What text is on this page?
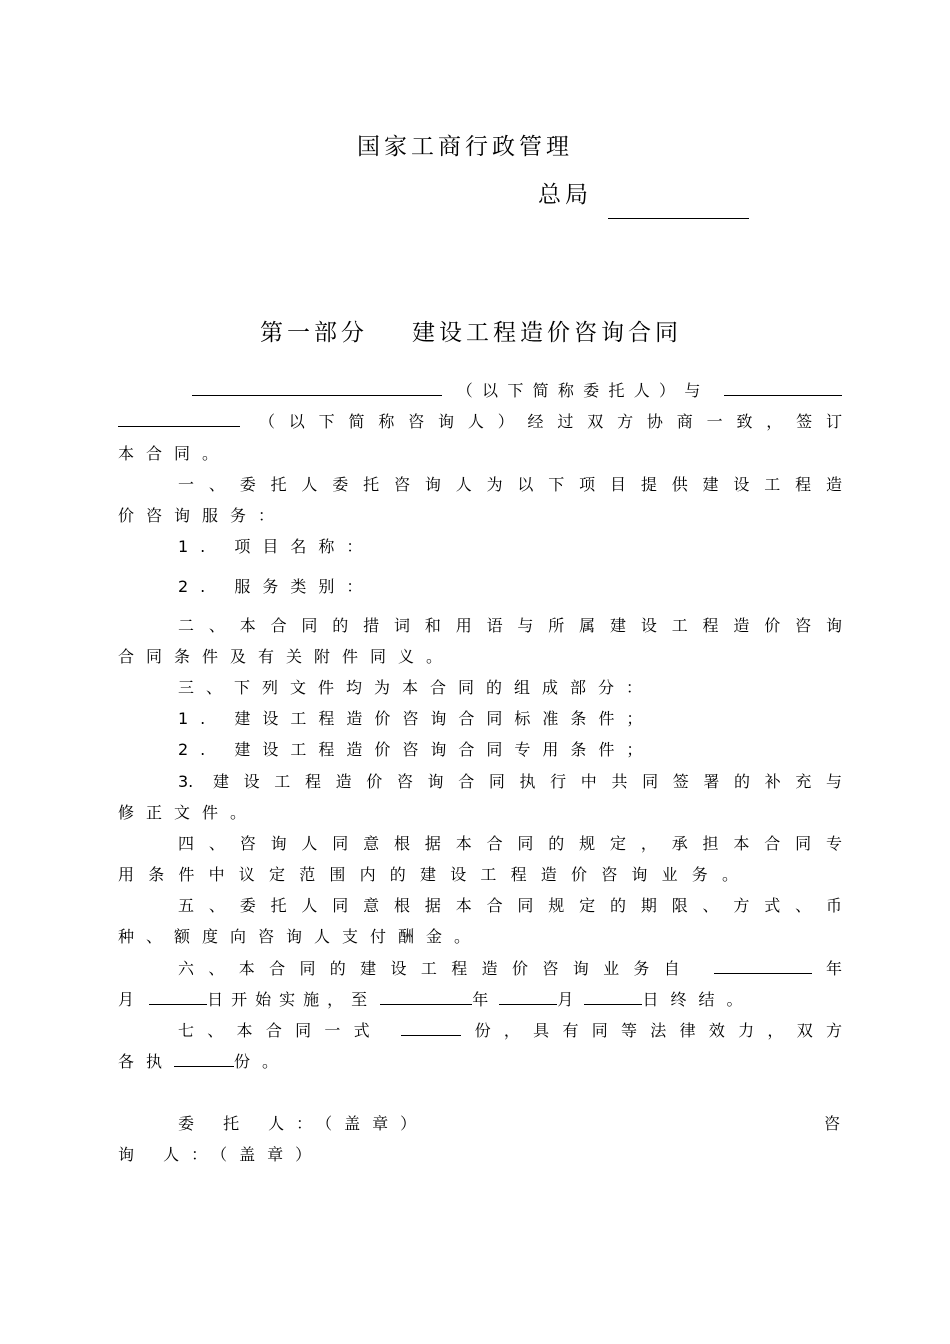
国家工商行政管理
总局
第一部分 建设工程造价咨询合同
（以下简称委托人）与
（以下简称咨询人）经过双方协商一致，签订
本合同。
一、委托人委托咨询人为以下项目提供建设工程造
价咨询服务：
1. 项目名称：
2. 服务类别：
二、本合同的措词和用语与所属建设工程造价咨询
合同条件及有关附件同义。
三、下列文件均为本合同的组成部分：
1. 建设工程造价咨询合同标准条件；
2. 建设工程造价咨询合同专用条件；
3. 建设工程造价咨询合同执行中共同签署的补充与
修正文件。
四、咨询人同意根据本合同的规定，承担本合同专
用条件中议定范围内的建设工程造价咨询业务。
五、委托人同意根据本合同规定的期限、方式、币
种、额度向咨询人支付酬金。
六、本合同的建设工程造价咨询业务自	年
月	日开始实施，至	年	月	日终结。
七、本合同一式	份，具有同等法律效力，双方
各执	份。
委 托 人：（盖章）	咨
询 人：（盖章）
